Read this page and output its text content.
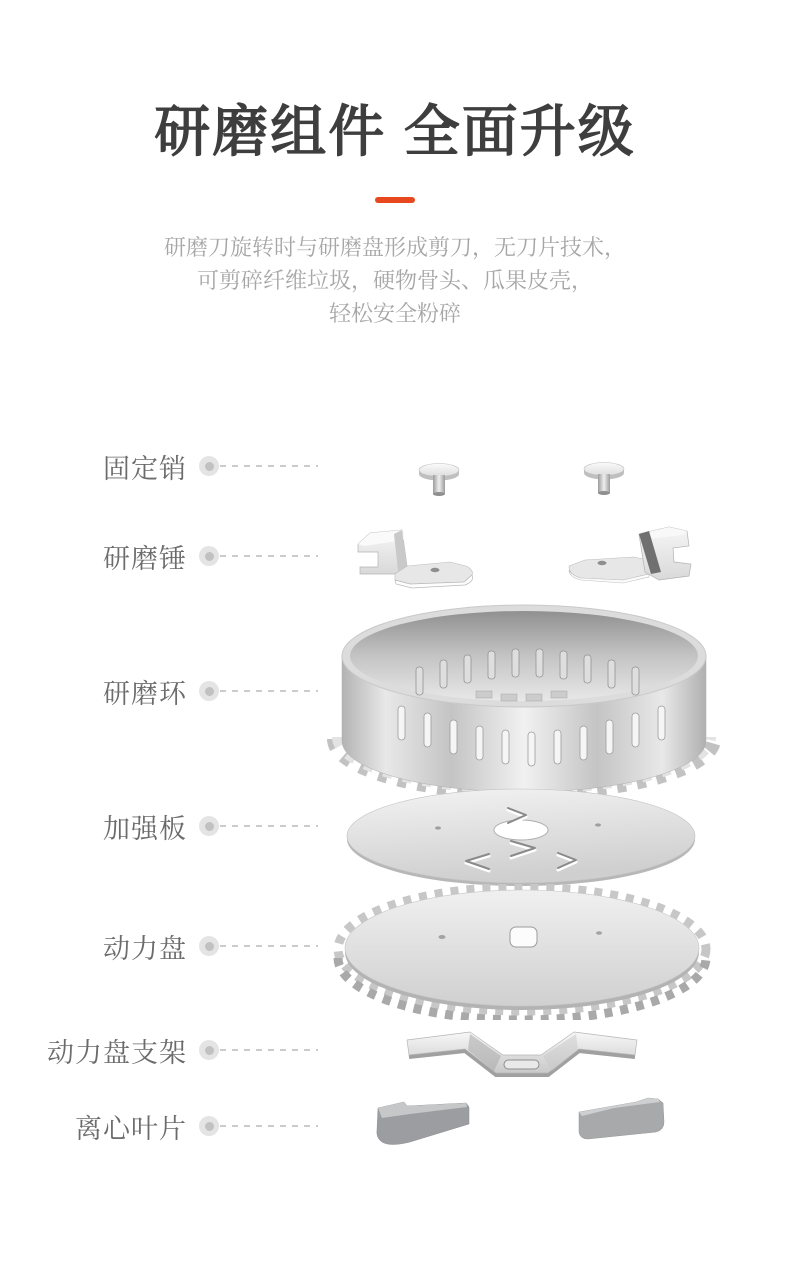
研磨组件 全面升级

研磨刀旋转时与研磨盘形成剪刀，无刀片技术，
可剪碎纤维垃圾，硬物骨头、瓜果皮壳，
轻松安全粉碎

固定销
研磨锤
研磨环
加强板
动力盘
动力盘支架
离心叶片
